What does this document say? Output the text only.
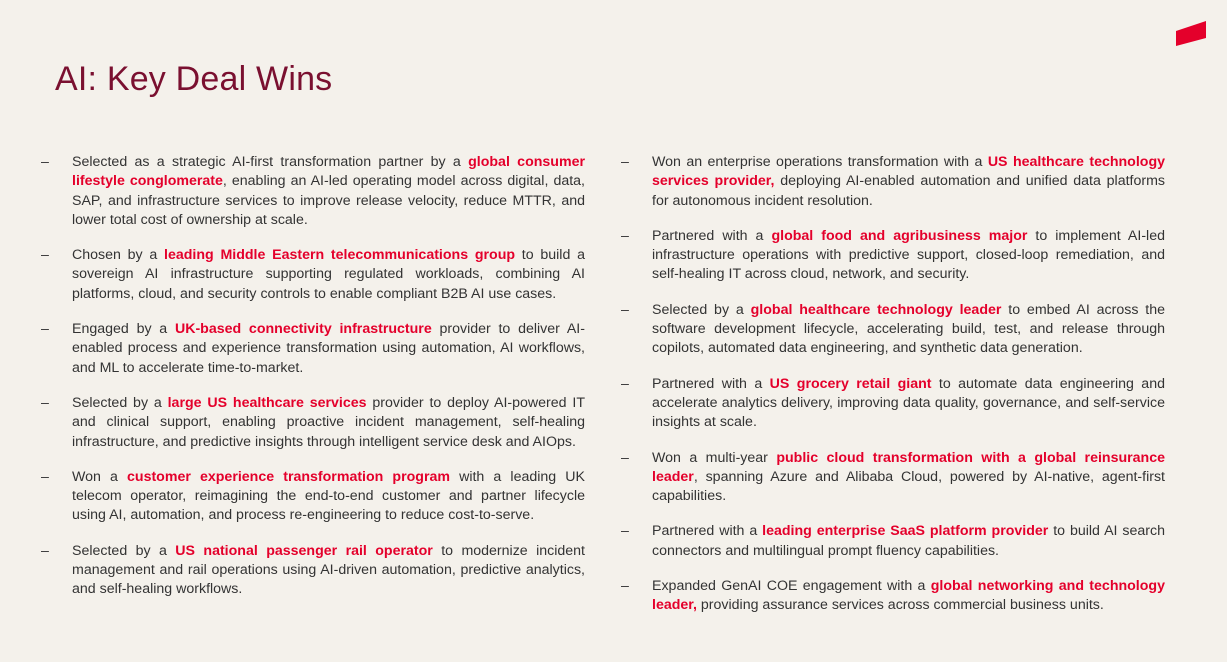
AI: Key Deal Wins
– Selected as a strategic AI-first transformation partner by a global consumer lifestyle conglomerate, enabling an AI-led operating model across digital, data, SAP, and infrastructure services to improve release velocity, reduce MTTR, and lower total cost of ownership at scale.
– Chosen by a leading Middle Eastern telecommunications group to build a sovereign AI infrastructure supporting regulated workloads, combining AI platforms, cloud, and security controls to enable compliant B2B AI use cases.
– Engaged by a UK-based connectivity infrastructure provider to deliver AI-enabled process and experience transformation using automation, AI workflows, and ML to accelerate time-to-market.
– Selected by a large US healthcare services provider to deploy AI-powered IT and clinical support, enabling proactive incident management, self-healing infrastructure, and predictive insights through intelligent service desk and AIOps.
– Won a customer experience transformation program with a leading UK telecom operator, reimagining the end-to-end customer and partner lifecycle using AI, automation, and process re-engineering to reduce cost-to-serve.
– Selected by a US national passenger rail operator to modernize incident management and rail operations using AI-driven automation, predictive analytics, and self-healing workflows.
– Won an enterprise operations transformation with a US healthcare technology services provider, deploying AI-enabled automation and unified data platforms for autonomous incident resolution.
– Partnered with a global food and agribusiness major to implement AI-led infrastructure operations with predictive support, closed-loop remediation, and self-healing IT across cloud, network, and security.
– Selected by a global healthcare technology leader to embed AI across the software development lifecycle, accelerating build, test, and release through copilots, automated data engineering, and synthetic data generation.
– Partnered with a US grocery retail giant to automate data engineering and accelerate analytics delivery, improving data quality, governance, and self-service insights at scale.
– Won a multi-year public cloud transformation with a global reinsurance leader, spanning Azure and Alibaba Cloud, powered by AI-native, agent-first capabilities.
– Partnered with a leading enterprise SaaS platform provider to build AI search connectors and multilingual prompt fluency capabilities.
– Expanded GenAI COE engagement with a global networking and technology leader, providing assurance services across commercial business units.
